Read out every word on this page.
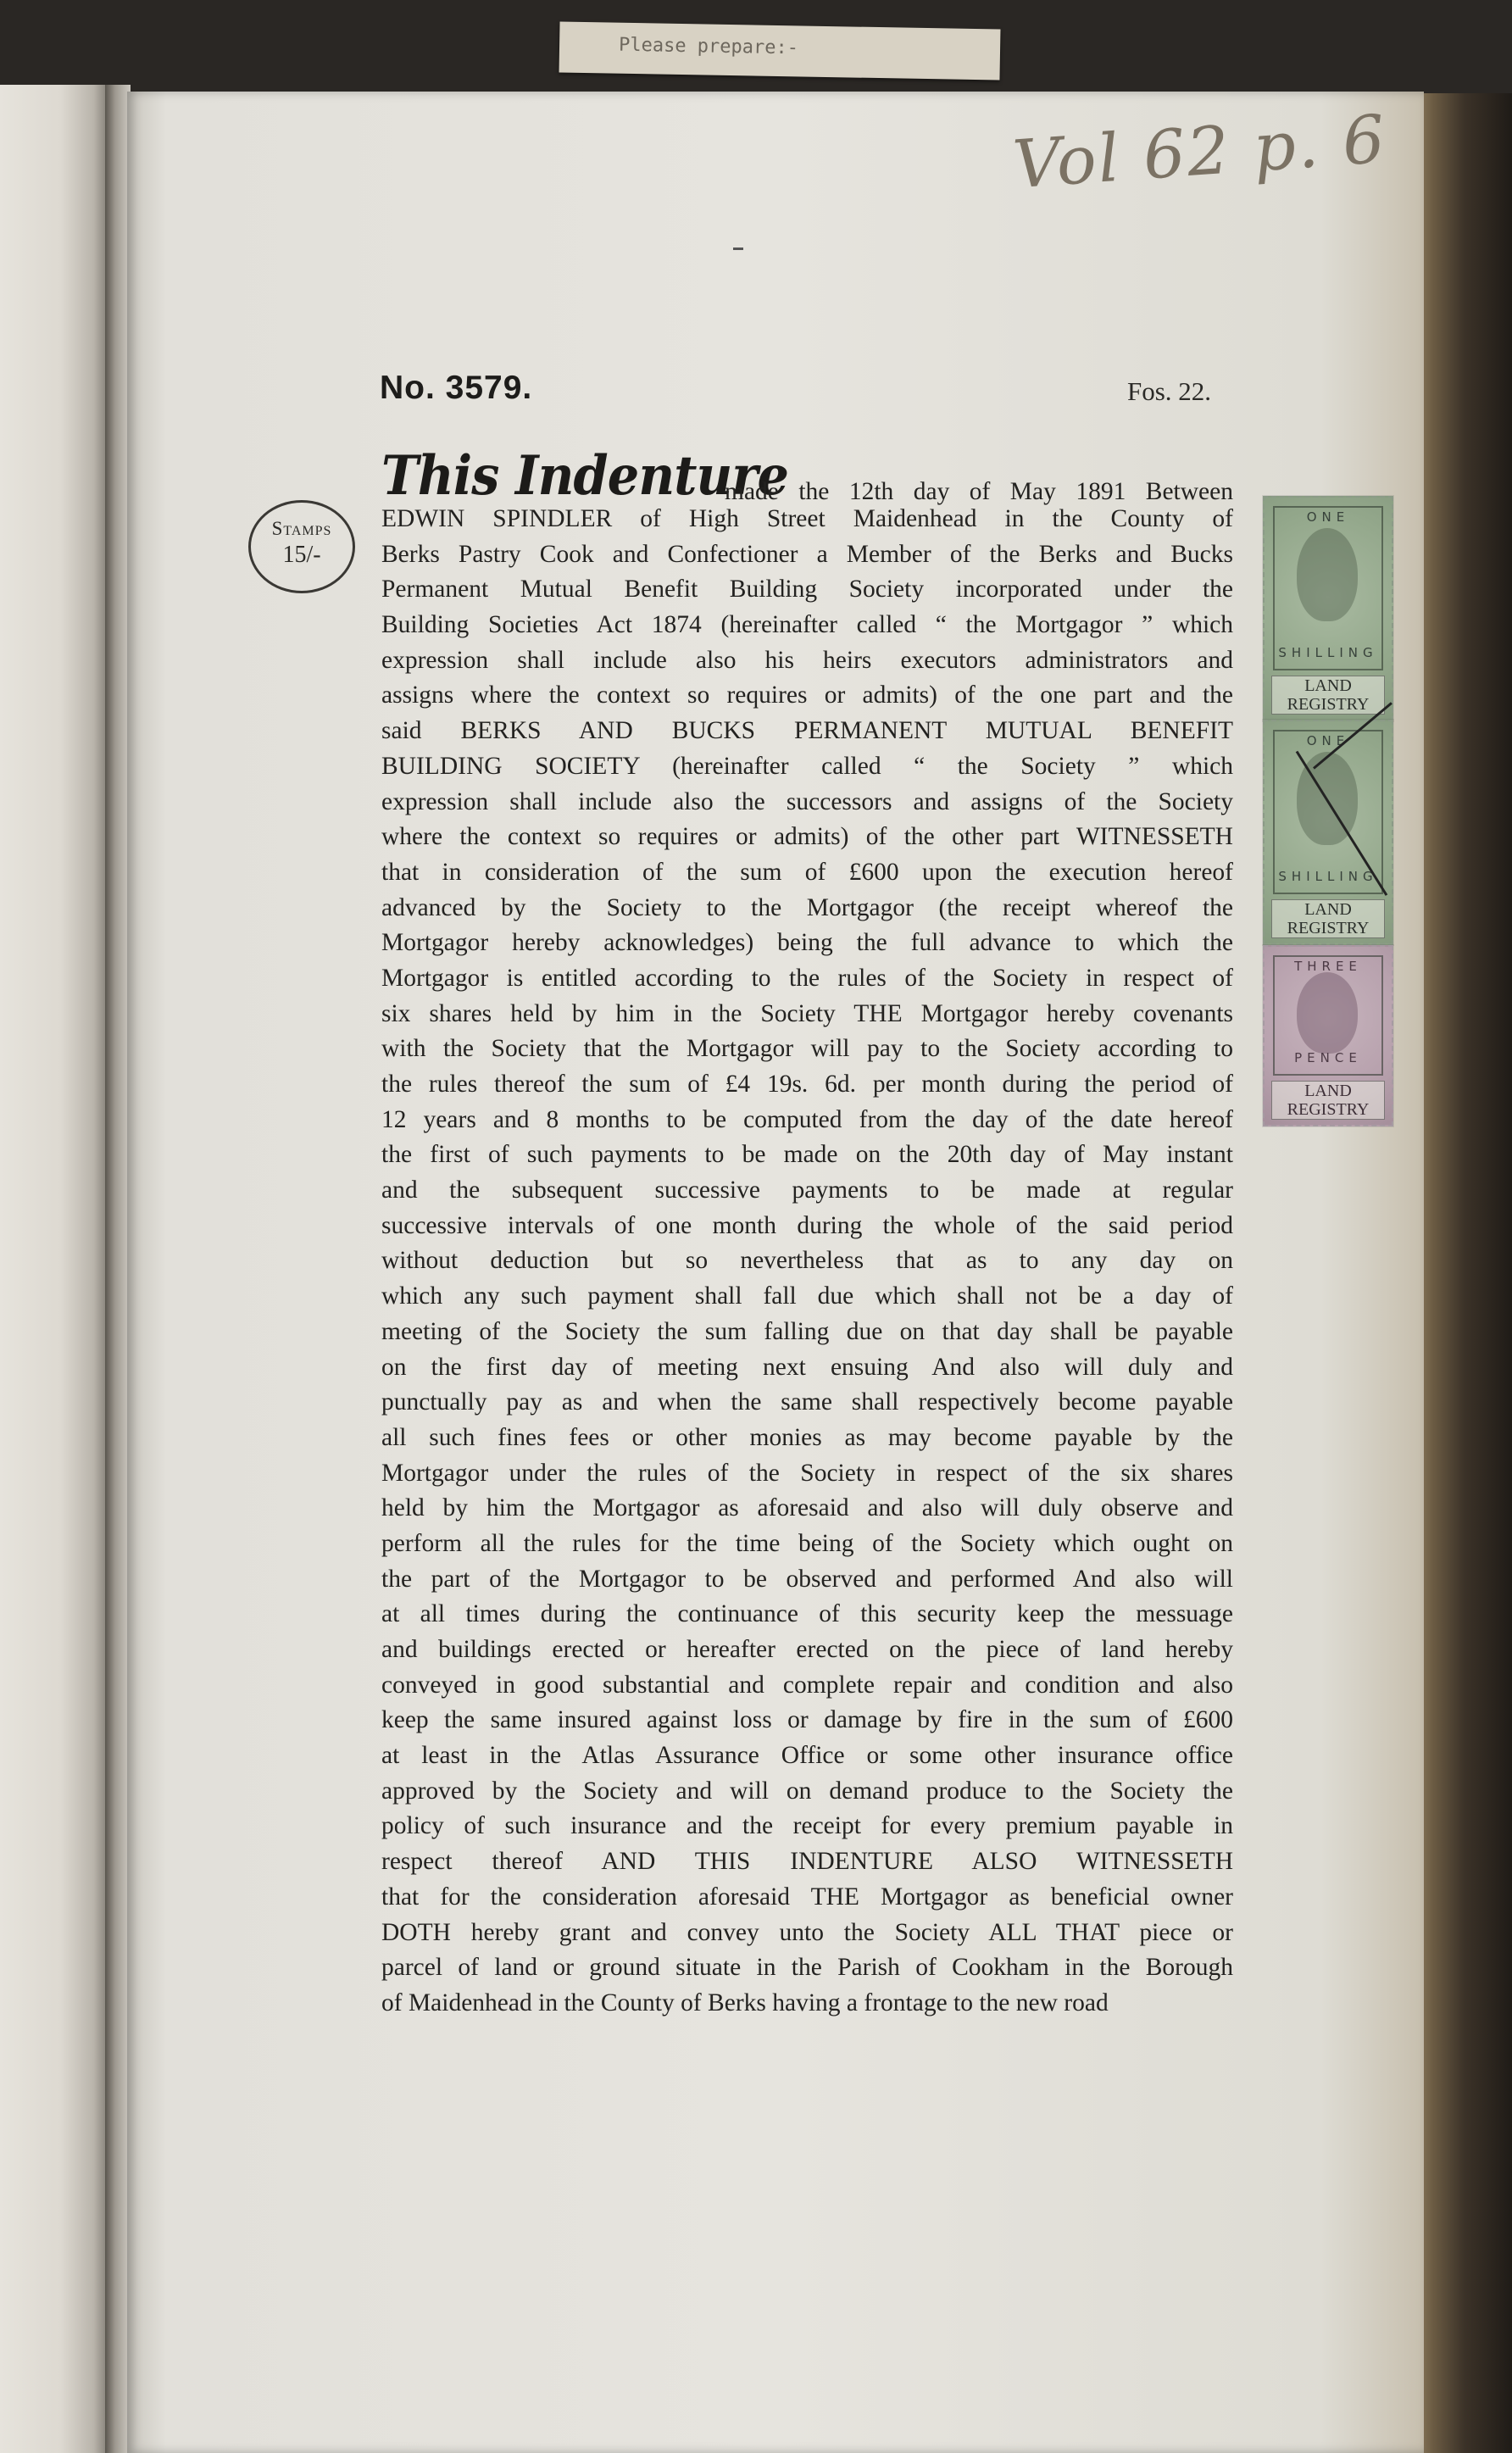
Please prepare:-
Vol 62 p. 6
No. 3579.	Fos. 22.
Stamps
15/-
ONE
SHILLING
LAND
REGISTRY
ONE
SHILLING
LAND
REGISTRY
THREE
PENCE
LAND
REGISTRY
This Indenture
made the 12th day of May 1891 Between
EDWIN SPINDLER of High Street Maidenhead in the County of
Berks Pastry Cook and Confectioner a Member of the Berks and Bucks
Permanent Mutual Benefit Building Society incorporated under the
Building Societies Act 1874 (hereinafter called “ the Mortgagor ” which
expression shall include also his heirs executors administrators and
assigns where the context so requires or admits) of the one part and the
said BERKS AND BUCKS PERMANENT MUTUAL BENEFIT
BUILDING SOCIETY (hereinafter called “ the Society ” which
expression shall include also the successors and assigns of the Society
where the context so requires or admits) of the other part WITNESSETH
that in consideration of the sum of £600 upon the execution hereof
advanced by the Society to the Mortgagor (the receipt whereof the
Mortgagor hereby acknowledges) being the full advance to which the
Mortgagor is entitled according to the rules of the Society in respect of
six shares held by him in the Society THE Mortgagor hereby covenants
with the Society that the Mortgagor will pay to the Society according to
the rules thereof the sum of £4 19s. 6d. per month during the period of
12 years and 8 months to be computed from the day of the date hereof
the first of such payments to be made on the 20th day of May instant
and the subsequent successive payments to be made at regular
successive intervals of one month during the whole of the said period
without deduction but so nevertheless that as to any day on
which any such payment shall fall due which shall not be a day of
meeting of the Society the sum falling due on that day shall be payable
on the first day of meeting next ensuing And also will duly and
punctually pay as and when the same shall respectively become payable
all such fines fees or other monies as may become payable by the
Mortgagor under the rules of the Society in respect of the six shares
held by him the Mortgagor as aforesaid and also will duly observe and
perform all the rules for the time being of the Society which ought on
the part of the Mortgagor to be observed and performed And also will
at all times during the continuance of this security keep the messuage
and buildings erected or hereafter erected on the piece of land hereby
conveyed in good substantial and complete repair and condition and also
keep the same insured against loss or damage by fire in the sum of £600
at least in the Atlas Assurance Office or some other insurance office
approved by the Society and will on demand produce to the Society the
policy of such insurance and the receipt for every premium payable in
respect thereof AND THIS INDENTURE ALSO WITNESSETH
that for the consideration aforesaid THE Mortgagor as beneficial owner
DOTH hereby grant and convey unto the Society ALL THAT piece or
parcel of land or ground situate in the Parish of Cookham in the Borough
of Maidenhead in the County of Berks having a frontage to the new road
